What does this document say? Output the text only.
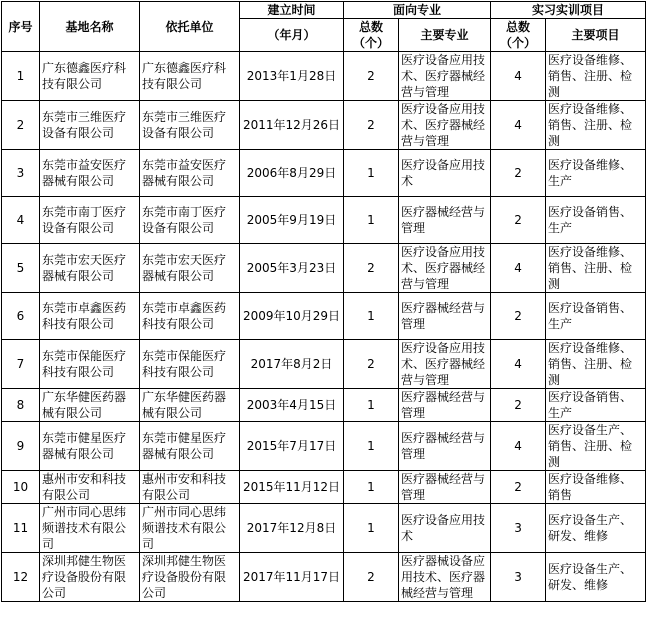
序号	基地名称	依托单位	建立时间	面向专业		实习实训项目	
			（年月）	总数（个）	主要专业	总数（个）	主要项目
1	广东德鑫医疗科技有限公司	广东德鑫医疗科技有限公司	2013年1月28日	2	医疗设备应用技术、医疗器械经营与管理	4	医疗设备维修、销售、注册、检测
2	东莞市三维医疗设备有限公司	东莞市三维医疗设备有限公司	2011年12月26日	2	医疗设备应用技术、医疗器械经营与管理	4	医疗设备维修、销售、注册、检测
3	东莞市益安医疗器械有限公司	东莞市益安医疗器械有限公司	2006年8月29日	1	医疗设备应用技术	2	医疗设备维修、生产
4	东莞市南丁医疗设备有限公司	东莞市南丁医疗设备有限公司	2005年9月19日	1	医疗器械经营与管理	2	医疗设备销售、生产
5	东莞市宏天医疗器械有限公司	东莞市宏天医疗器械有限公司	2005年3月23日	2	医疗设备应用技术、医疗器械经营与管理	4	医疗设备维修、销售、注册、检测
6	东莞市卓鑫医药科技有限公司	东莞市卓鑫医药科技有限公司	2009年10月29日	1	医疗器械经营与管理	2	医疗设备销售、生产
7	东莞市保能医疗科技有限公司	东莞市保能医疗科技有限公司	2017年8月2日	2	医疗设备应用技术、医疗器械经营与管理	4	医疗设备维修、销售、注册、检测
8	广东华健医药器械有限公司	广东华健医药器械有限公司	2003年4月15日	1	医疗器械经营与管理	2	医疗设备销售、生产
9	东莞市健星医疗器械有限公司	东莞市健星医疗器械有限公司	2015年7月17日	1	医疗器械经营与管理	4	医疗设备生产、销售、注册、检测
10	惠州市安和科技有限公司	惠州市安和科技有限公司	2015年11月12日	1	医疗器械经营与管理	2	医疗设备维修、销售
11	广州市同心思纬频谱技术有限公司	广州市同心思纬频谱技术有限公司	2017年12月8日	1	医疗设备应用技术	3	医疗设备生产、研发、维修
12	深圳邦健生物医疗设备股份有限公司	深圳邦健生物医疗设备股份有限公司	2017年11月17日	2	医疗器械设备应用技术、医疗器械经营与管理	3	医疗设备生产、研发、维修
